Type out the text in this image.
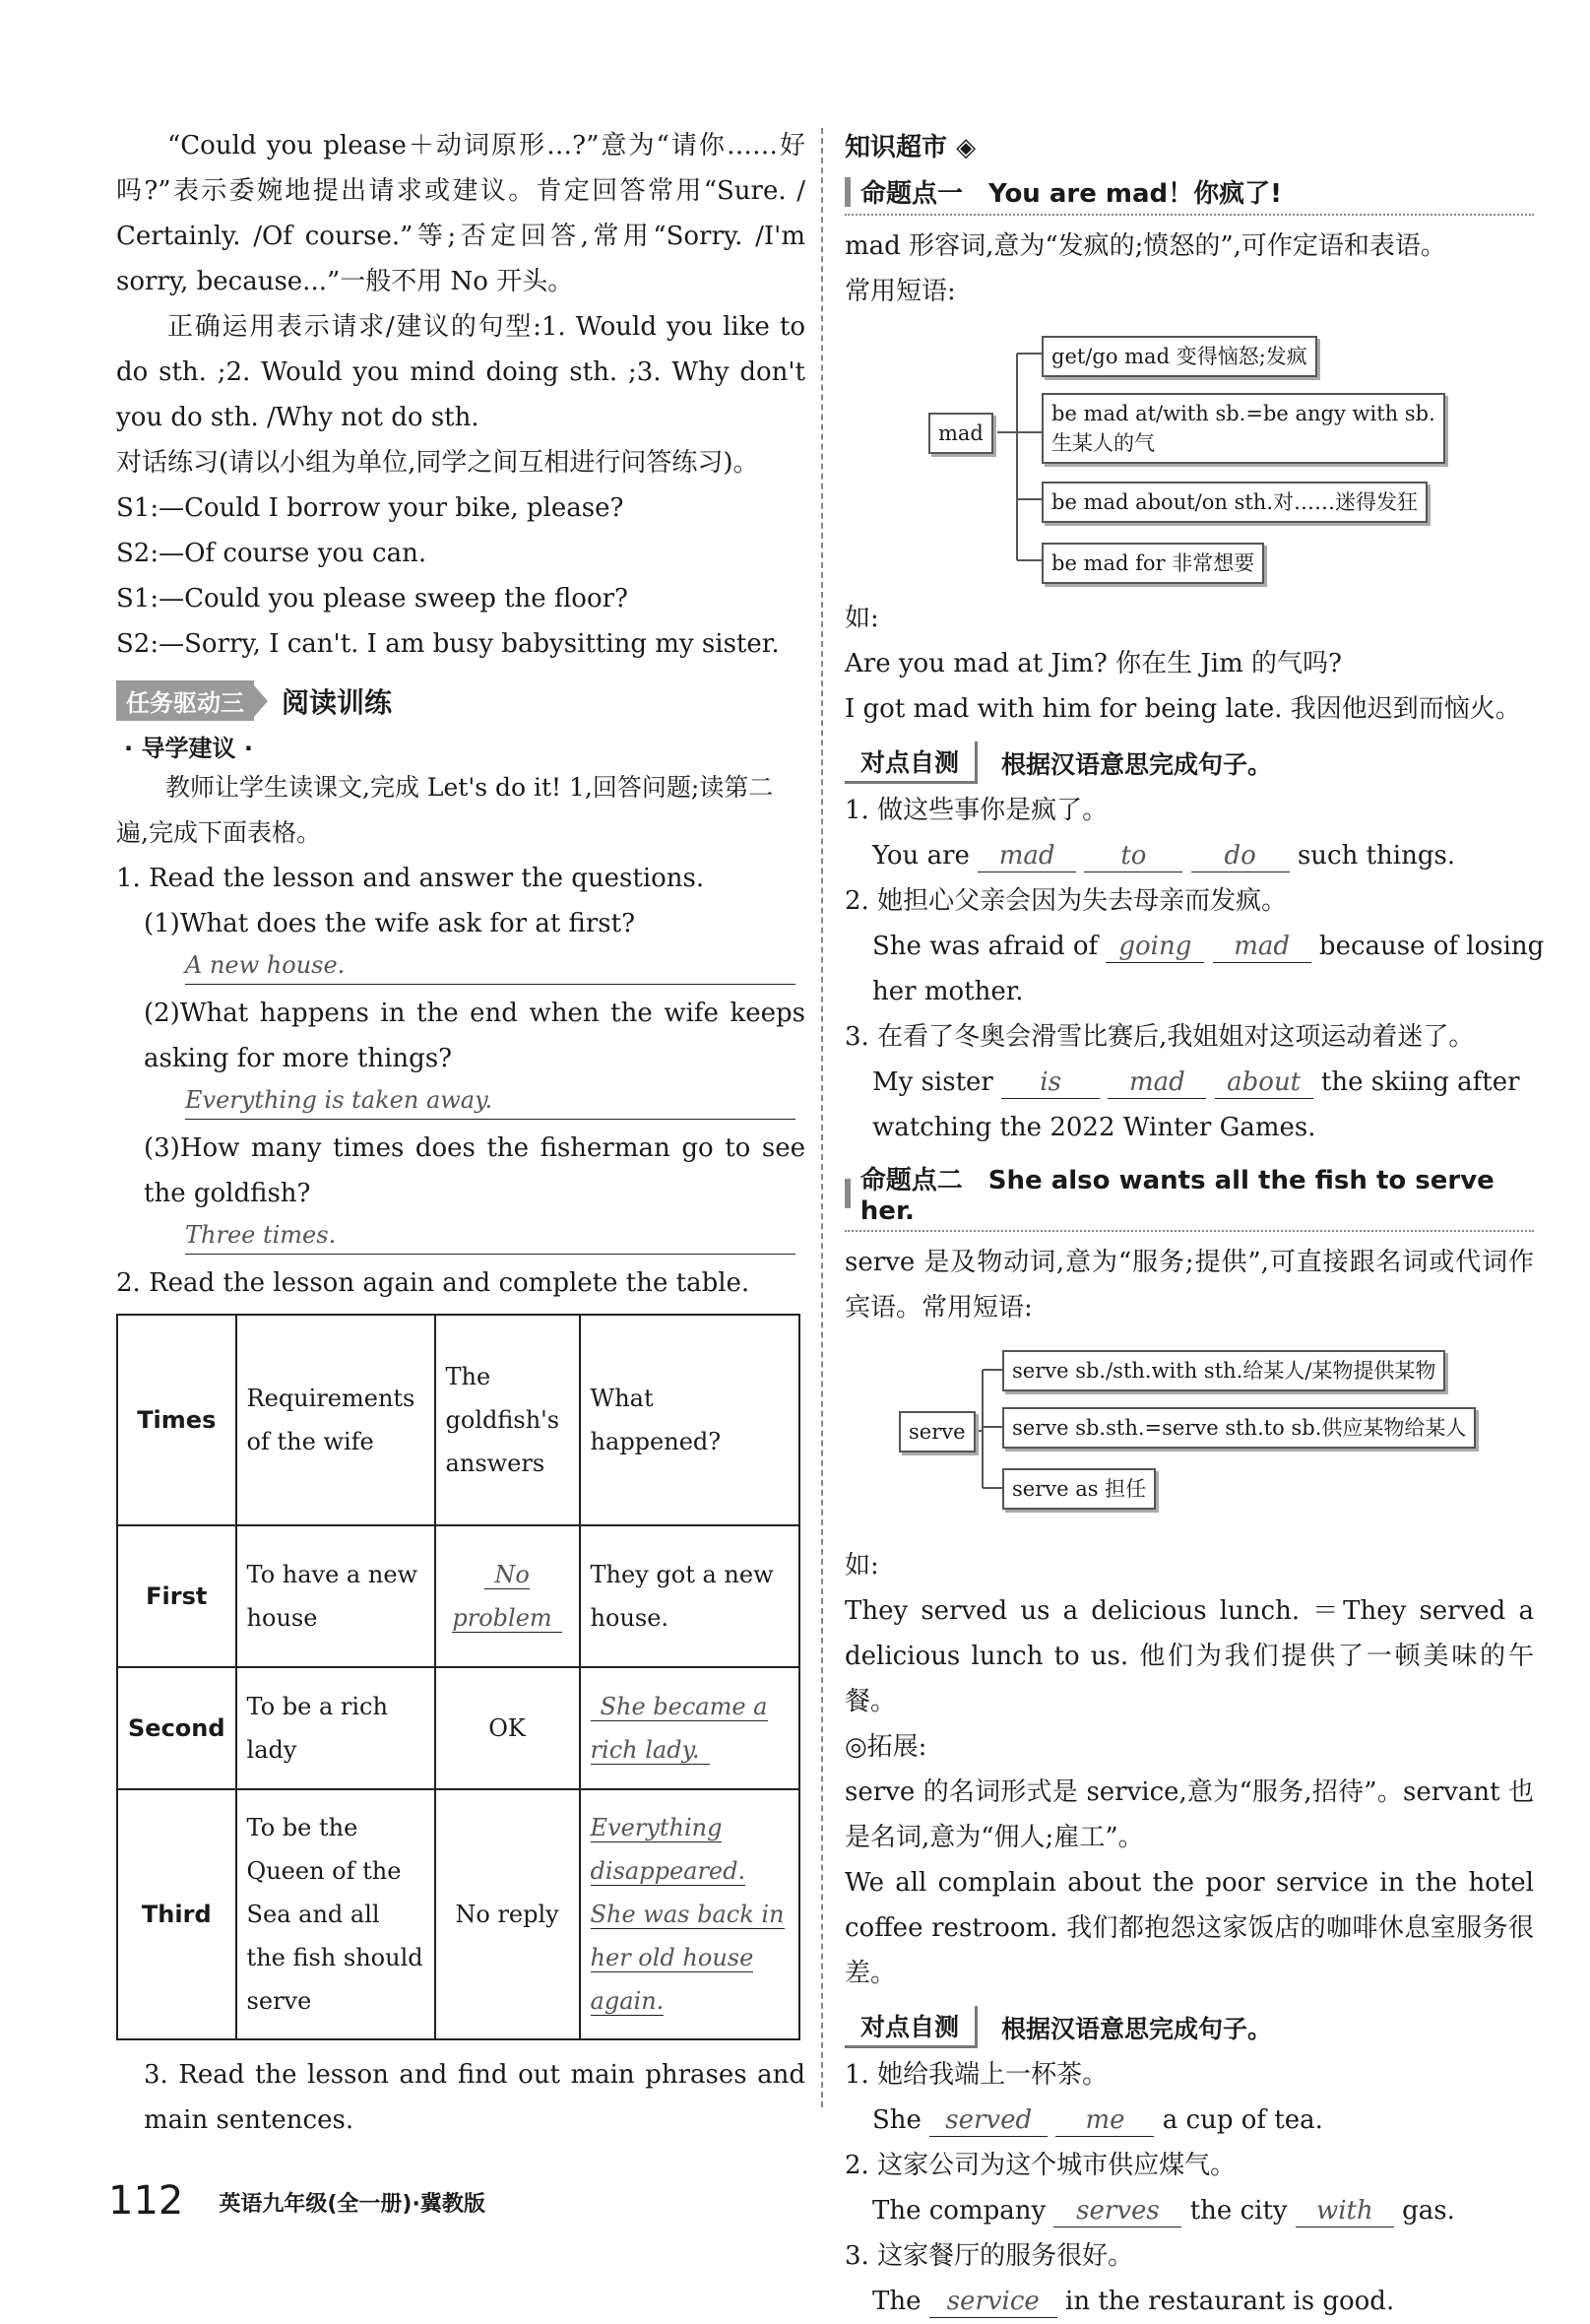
“Could you please＋动词原形…?”意为“请你……好吗?”表示委婉地提出请求或建议。肯定回答常用“Sure. / Certainly. /Of course.”等;否定回答,常用“Sorry. /I'm sorry, because...”一般不用 No 开头。

正确运用表示请求/建议的句型:1. Would you like to do sth. ;2. Would you mind doing sth. ;3. Why don't you do sth. /Why not do sth.

对话练习(请以小组为单位,同学之间互相进行问答练习)。

S1:—Could I borrow your bike, please?

S2:—Of course you can.

S1:—Could you please sweep the floor?

S2:—Sorry, I can't. I am busy babysitting my sister.

任务驱动三	阅读训练
· 导学建议 ·

教师让学生读课文,完成 Let's do it! 1,回答问题;读第二遍,完成下面表格。

1. Read the lesson and answer the questions.

(1)What does the wife ask for at first?

A new house.

(2)What happens in the end when the wife keeps asking for more things?

Everything is taken away.

(3)How many times does the fisherman go to see the goldfish?

Three times.

2. Read the lesson again and complete the table.

Times	Requirements of the wife	The goldfish's answers	What happened?
First	To have a new house	No problem	They got a new house.
Second	To be a rich lady	OK	She became a rich lady.
Third	To be the Queen of the Sea and all the fish should serve	No reply	Everything disappeared. She was back in her old house again.

3. Read the lesson and find out main phrases and main sentences.

知识超市 ◈
命题点一　You are mad！你疯了!

mad 形容词,意为“发疯的;愤怒的”,可作定语和表语。

常用短语:

mad
get/go mad 变得恼怒;发疯
be mad at/with sb.=be angy with sb.
生某人的气
be mad about/on sth.对……迷得发狂
be mad for 非常想要

如:

Are you mad at Jim? 你在生 Jim 的气吗?

I got mad with him for being late. 我因他迟到而恼火。

对点自测	根据汉语意思完成句子。

1. 做这些事你是疯了。

You are mad	to	do such things.

2. 她担心父亲会因为失去母亲而发疯。

She was afraid of going mad because of losing

her mother.

3. 在看了冬奥会滑雪比赛后,我姐姐对这项运动着迷了。

My sister is	mad about the skiing after

watching the 2022 Winter Games.

命题点二　She also wants all the fish to serve her.

serve 是及物动词,意为“服务;提供”,可直接跟名词或代词作宾语。常用短语:

serve
serve sb./sth.with sth.给某人/某物提供某物
serve sb.sth.=serve sth.to sb.供应某物给某人
serve as 担任

如:

They served us a delicious lunch. ＝They served a delicious lunch to us. 他们为我们提供了一顿美味的午餐。

◎拓展:

serve 的名词形式是 service,意为“服务,招待”。servant 也是名词,意为“佣人;雇工”。

We all complain about the poor service in the hotel coffee restroom. 我们都抱怨这家饭店的咖啡休息室服务很差。

对点自测	根据汉语意思完成句子。

1. 她给我端上一杯茶。

She served me a cup of tea.

2. 这家公司为这个城市供应煤气。

The company serves the city with gas.

3. 这家餐厅的服务很好。

The service in the restaurant is good.

112 英语九年级(全一册)·冀教版
